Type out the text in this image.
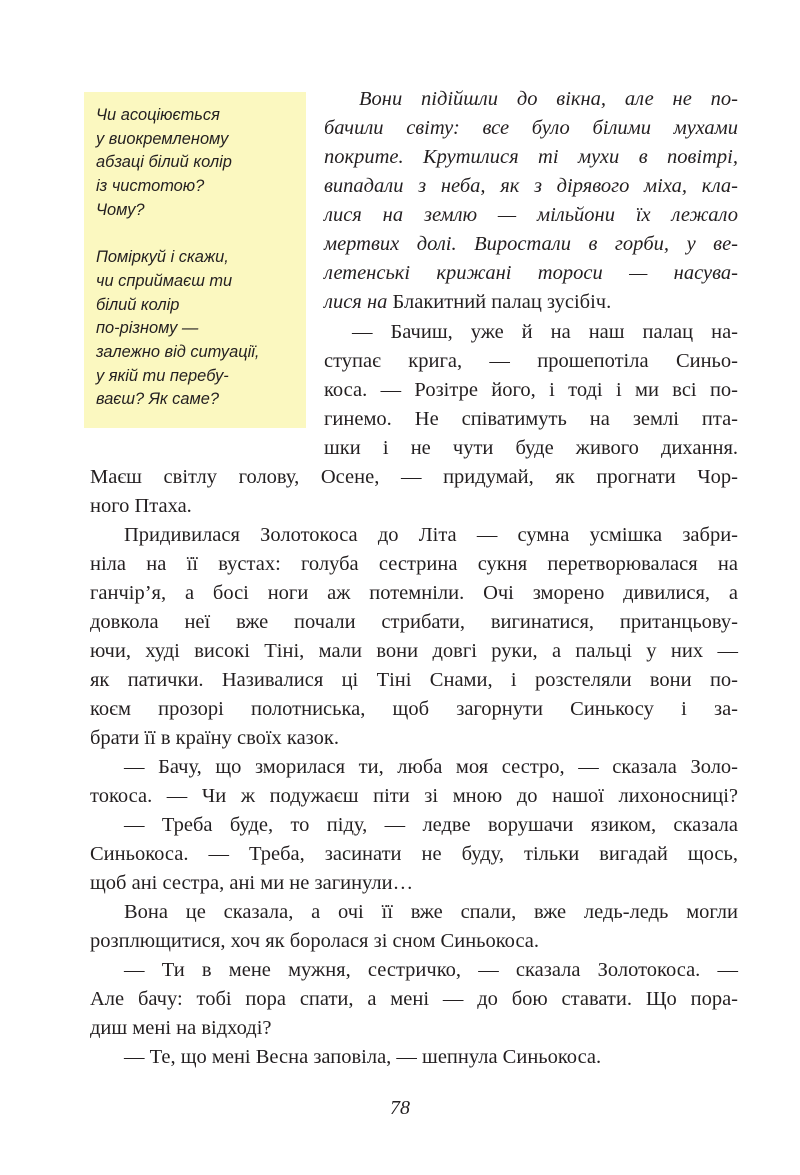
Чи асоціюється

у виокремленому

абзаці білий колір

із чистотою?

Чому?

Поміркуй і скажи,

чи сприймаєш ти

білий колір

по-різному —

залежно від ситуації,

у якій ти перебу-

ваєш? Як саме?

Вони підійшли до вікна, але не по-

бачили світу: все було білими мухами

покрите. Крутилися ті мухи в повітрі,

випадали з неба, як з дірявого міха, кла-

лися на землю — мільйони їх лежало

мертвих долі. Виростали в горби, у ве-

летенські крижані тороси — насува-

лися на Блакитний палац зусібіч.

— Бачиш, уже й на наш палац на-

ступає крига, — прошепотіла Синьо-

коса. — Розітре його, і тоді і ми всі по-

гинемо. Не співатимуть на землі пта-

шки і не чути буде живого дихання.

Маєш світлу голову, Осене, — придумай, як прогнати Чор-

ного Птаха.

Придивилася Золотокоса до Літа — сумна усмішка забри-

ніла на її вустах: голуба сестрина сукня перетворювалася на

ганчір’я, а босі ноги аж потемніли. Очі зморено дивилися, а

довкола неї вже почали стрибати, вигинатися, пританцьову-

ючи, худі високі Тіні, мали вони довгі руки, а пальці у них —

як патички. Називалися ці Тіні Снами, і розстеляли вони по-

коєм прозорі полотниська, щоб загорнути Синькосу і за-

брати її в країну своїх казок.

— Бачу, що зморилася ти, люба моя сестро, — сказала Золо-

токоса. — Чи ж подужаєш піти зі мною до нашої лихоносниці?

— Треба буде, то піду, — ледве ворушачи язиком, сказала

Синьокоса. — Треба, засинати не буду, тільки вигадай щось,

щоб ані сестра, ані ми не загинули…

Вона це сказала, а очі її вже спали, вже ледь-ледь могли

розплющитися, хоч як боролася зі сном Синьокоса.

— Ти в мене мужня, сестричко, — сказала Золотокоса. —

Але бачу: тобі пора спати, а мені — до бою ставати. Що пора-

диш мені на відході?

— Те, що мені Весна заповіла, — шепнула Синьокоса.

78
